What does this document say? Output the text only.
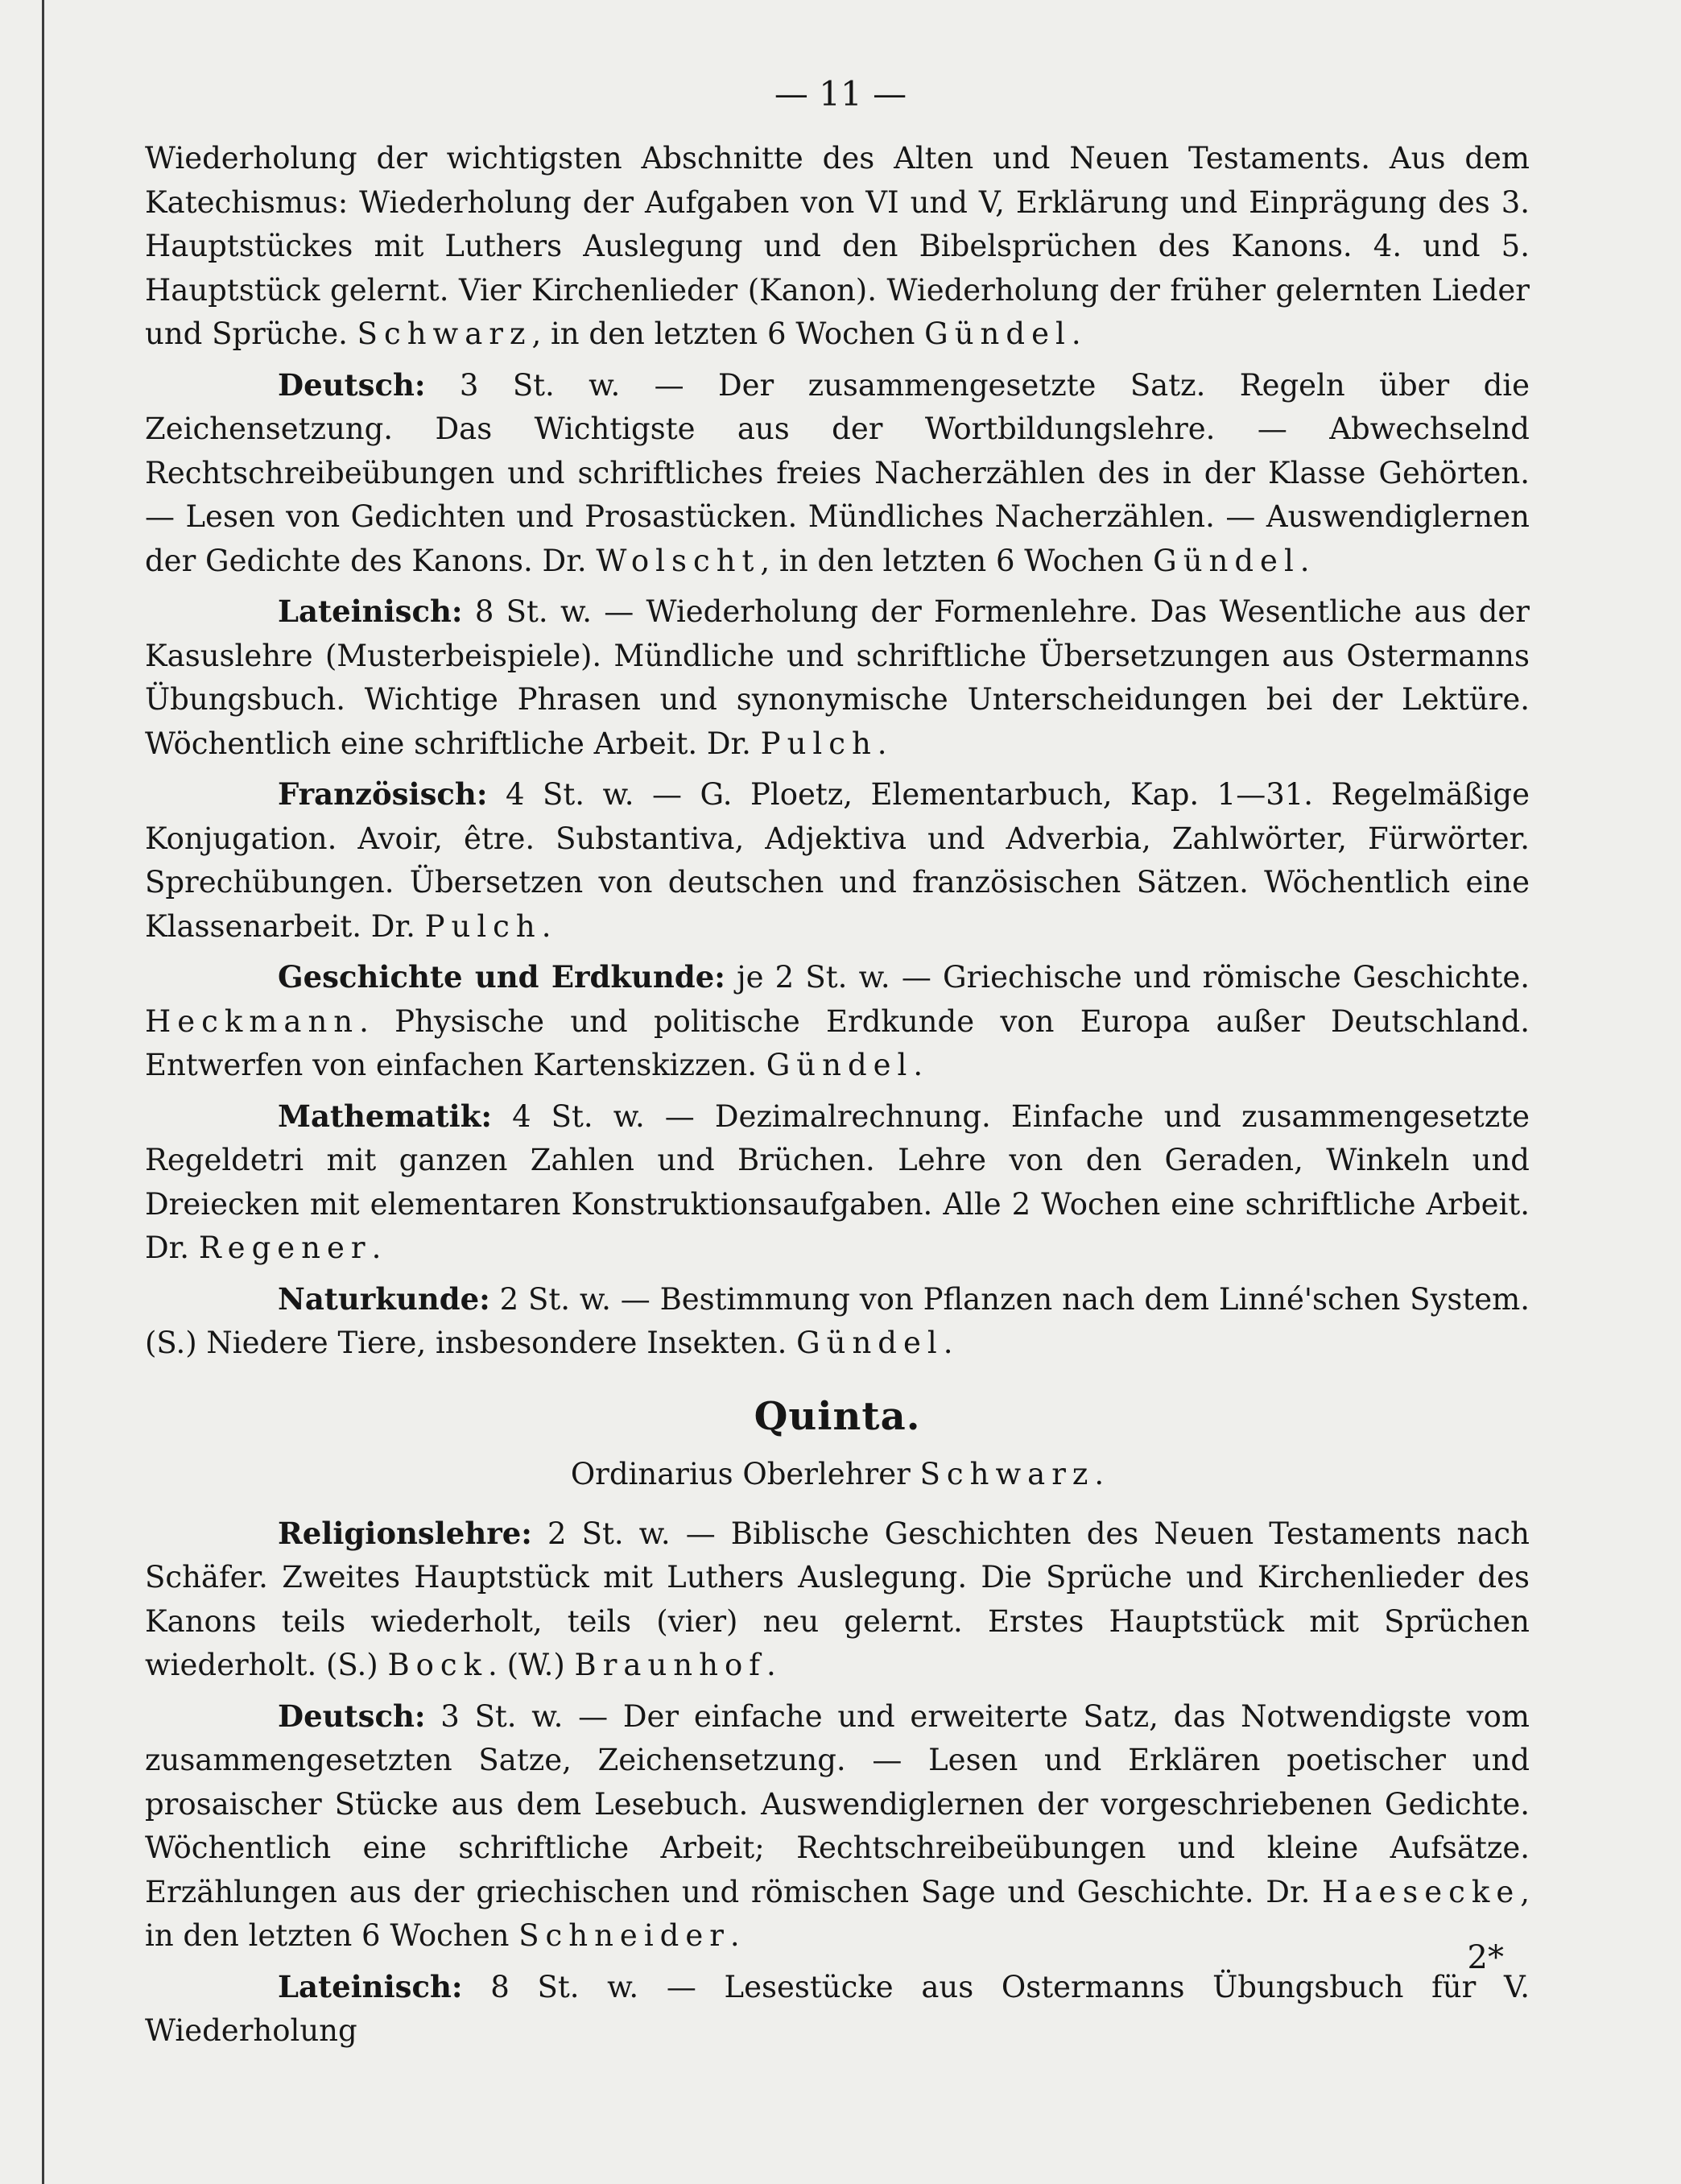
— 11 —

Wiederholung der wichtigsten Abschnitte des Alten und Neuen Testaments. Aus dem Katechismus: Wiederholung der Aufgaben von VI und V, Erklärung und Einprägung des 3. Hauptstückes mit Luthers Auslegung und den Bibelsprüchen des Kanons. 4. und 5. Hauptstück gelernt. Vier Kirchenlieder (Kanon). Wiederholung der früher gelernten Lieder und Sprüche. Schwarz, in den letzten 6 Wochen Gündel.

Deutsch: 3 St. w. — Der zusammengesetzte Satz. Regeln über die Zeichensetzung. Das Wichtigste aus der Wortbildungslehre. — Abwechselnd Rechtschreibeübungen und schriftliches freies Nacherzählen des in der Klasse Gehörten. — Lesen von Gedichten und Prosastücken. Mündliches Nacherzählen. — Auswendiglernen der Gedichte des Kanons. Dr. Wolscht, in den letzten 6 Wochen Gündel.

Lateinisch: 8 St. w. — Wiederholung der Formenlehre. Das Wesentliche aus der Kasuslehre (Musterbeispiele). Mündliche und schriftliche Übersetzungen aus Ostermanns Übungsbuch. Wichtige Phrasen und synonymische Unterscheidungen bei der Lektüre. Wöchentlich eine schriftliche Arbeit. Dr. Pulch.

Französisch: 4 St. w. — G. Ploetz, Elementarbuch, Kap. 1—31. Regelmäßige Konjugation. Avoir, être. Substantiva, Adjektiva und Adverbia, Zahlwörter, Fürwörter. Sprechübungen. Übersetzen von deutschen und französischen Sätzen. Wöchentlich eine Klassenarbeit. Dr. Pulch.

Geschichte und Erdkunde: je 2 St. w. — Griechische und römische Geschichte. Heckmann. Physische und politische Erdkunde von Europa außer Deutschland. Entwerfen von einfachen Kartenskizzen. Gündel.

Mathematik: 4 St. w. — Dezimalrechnung. Einfache und zusammengesetzte Regeldetri mit ganzen Zahlen und Brüchen. Lehre von den Geraden, Winkeln und Dreiecken mit elementaren Konstruktionsaufgaben. Alle 2 Wochen eine schriftliche Arbeit. Dr. Regener.

Naturkunde: 2 St. w. — Bestimmung von Pflanzen nach dem Linné'schen System. (S.) Niedere Tiere, insbesondere Insekten. Gündel.

Quinta.
Ordinarius Oberlehrer Schwarz.

Religionslehre: 2 St. w. — Biblische Geschichten des Neuen Testaments nach Schäfer. Zweites Hauptstück mit Luthers Auslegung. Die Sprüche und Kirchenlieder des Kanons teils wiederholt, teils (vier) neu gelernt. Erstes Hauptstück mit Sprüchen wiederholt. (S.) Bock. (W.) Braunhof.

Deutsch: 3 St. w. — Der einfache und erweiterte Satz, das Notwendigste vom zusammengesetzten Satze, Zeichensetzung. — Lesen und Erklären poetischer und prosaischer Stücke aus dem Lesebuch. Auswendiglernen der vorgeschriebenen Gedichte. Wöchentlich eine schriftliche Arbeit; Rechtschreibeübungen und kleine Aufsätze. Erzählungen aus der griechischen und römischen Sage und Geschichte. Dr. Haesecke, in den letzten 6 Wochen Schneider.

Lateinisch: 8 St. w. — Lesestücke aus Ostermanns Übungsbuch für V. Wiederholung

2*
